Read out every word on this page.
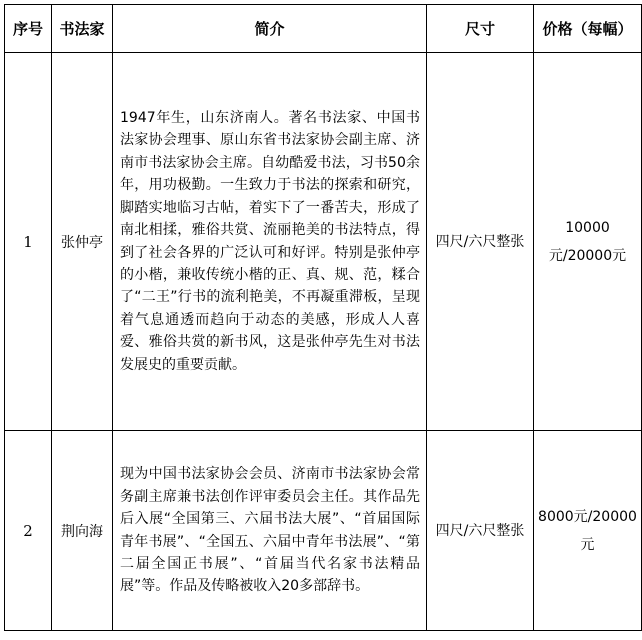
序号	书法家	简介	尺寸	价格（每幅）
1	张仲亭	1947年生，山东济南人。著名书法家、中国书法家协会理事、原山东省书法家协会副主席、济南市书法家协会主席。自幼酷爱书法，习书50余年，用功极勤。一生致力于书法的探索和研究，脚踏实地临习古帖，着实下了一番苦夫，形成了南北相揉，雅俗共赏、流丽艳美的书法特点，得到了社会各界的广泛认可和好评。特别是张仲亭的小楷，兼收传统小楷的正、真、规、范，糅合了“二王”行书的流利艳美，不再凝重滞板，呈现着气息通透而趋向于动态的美感，形成人人喜爱、雅俗共赏的新书风，这是张仲亭先生对书法发展史的重要贡献。	四尺/六尺整张	10000元/20000元
2	荆向海	现为中国书法家协会会员、济南市书法家协会常务副主席兼书法创作评审委员会主任。其作品先后入展“全国第三、六届书法大展”、“首届国际青年书展”、“全国五、六届中青年书法展”、“第二届全国正书展”、“首届当代名家书法精品展”等。作品及传略被收入20多部辞书。	四尺/六尺整张	8000元/20000元
